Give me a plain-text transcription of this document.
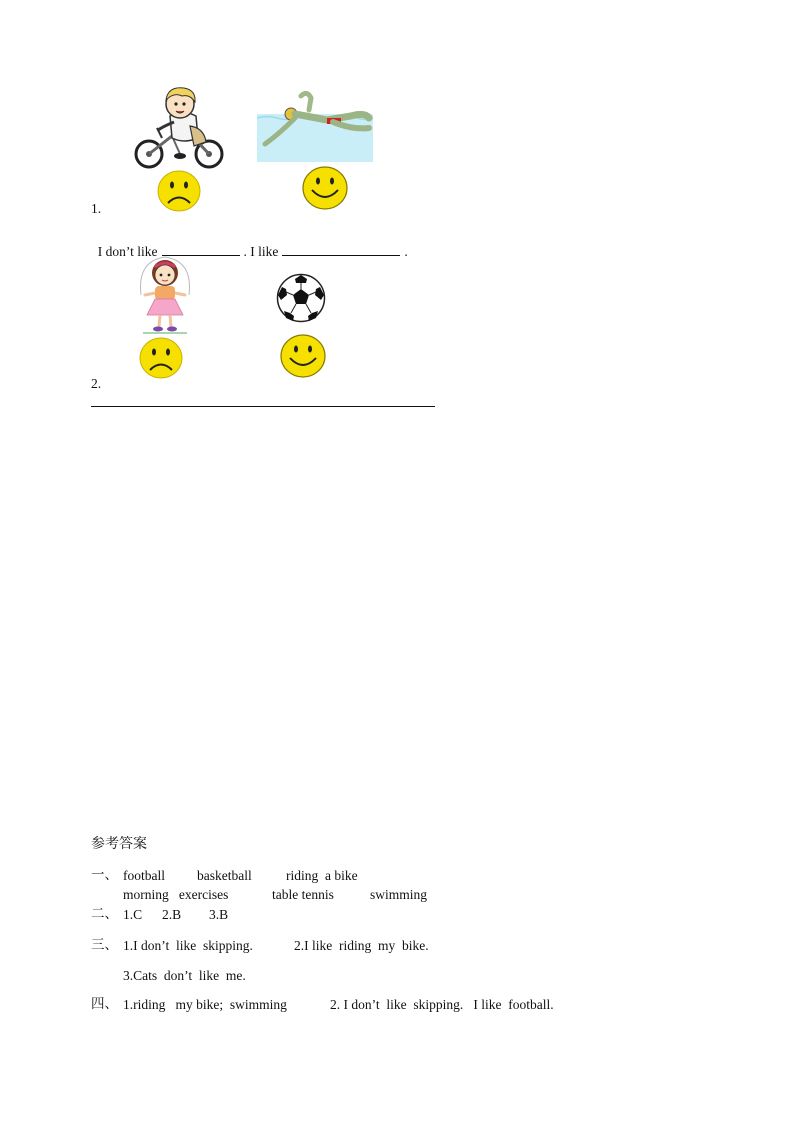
1.

I don’t like	. I like	.

2.
参考答案
一、 football basketball	riding  a bike
morning   exercises	table tennis	swimming
二、 1.C 2.B 3.B
三、 1.I don’t  like  skipping.	2.I like  riding  my  bike.
3.Cats  don’t  like  me.
四、 1.riding   my bike;  swimming	2. I don’t  like  skipping.   I like  football.
